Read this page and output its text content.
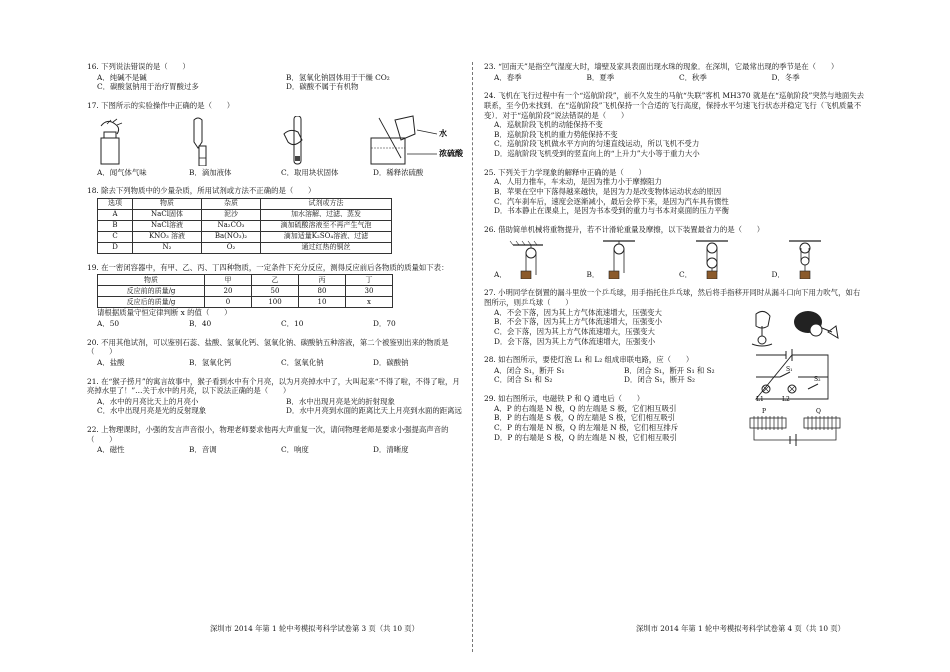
16. 下列说法错误的是（　　）

A．纯碱不是碱	B．氢氧化钠固体用于干燥 CO₂
C．碳酸氢钠用于治疗胃酸过多	D．碳酸不属于有机物

17. 下图所示的实验操作中正确的是（　　）

水
浓硫酸
A．闻气体气味	B．滴加液体	C．取用块状固体	D．稀释浓硫酸

18. 除去下列物质中的少量杂质，所用试剂或方法不正确的是（　　）

选项	物质	杂质	试剂或方法
A	NaCl固体	泥沙	加水溶解、过滤、蒸发
B	NaCl溶液	Na₂CO₃	滴加硫酸溶液至不再产生气泡
C	KNO₃ 溶液	Ba(NO₃)₂	滴加适量K₂SO₄溶液、过滤
D	N₂	O₂	通过红热的铜丝

19. 在一密闭容器中，有甲、乙、丙、丁四种物质，一定条件下充分反应，测得反应前后各物质的质量如下表：

物质	甲	乙	丙	丁
反应前的质量/g	20	50	80	30
反应后的质量/g	0	100	10	x

请根据质量守恒定律判断 x 的值（　　）

A．50	B．40	C．10	D．70

20. 不用其他试剂，可以鉴别石蕊、盐酸、氢氧化钙、氢氧化钠、碳酸钠五种溶液，第二个被鉴别出来的物质是（　　）

A．盐酸	B．氢氧化钙	C．氢氧化钠	D．碳酸钠

21. 在“猴子捞月”的寓言故事中，猴子看到水中有个月亮，以为月亮掉水中了，大叫起来“不得了啦，不得了啦，月亮掉水里了！”…关于水中的月亮，以下说法正确的是（　　）

A．水中的月亮比天上的月亮小	B．水中出现月亮是光的折射现象
C．水中出现月亮是光的反射现象	D．水中月亮到水面的距离比天上月亮到水面的距离远

22. 上物理课时，小强的发言声音很小，物理老师要求他再大声重复一次，请问物理老师是要求小强提高声音的（　　）

A．磁性	B．音调	C．响度	D．清晰度

23. “回南天”是指空气湿度大时，墙壁及家具表面出现水珠的现象．在深圳，它最常出现的季节是在（　　）

A．春季	B．夏季	C．秋季	D．冬季

24. 飞机在飞行过程中有一个“巡航阶段”，前不久发生的马航“失联”客机 MH370 就是在“巡航阶段”突然与地面失去联系，至今仍未找到．在“巡航阶段”飞机保持一个合适的飞行高度，保持水平匀速飞行状态并稳定飞行（飞机质量不变）．对于“巡航阶段”说法错误的是（　　）

A．巡航阶段飞机的动能保持不变
B．巡航阶段飞机的重力势能保持不变
C．巡航阶段飞机做水平方向的匀速直线运动，所以飞机不受力
D．巡航阶段飞机受到的竖直向上的“上升力”大小等于重力大小

25. 下列关于力学现象的解释中正确的是（　　）

A．人用力推车，车未动，是因为推力小于摩擦阻力
B．苹果在空中下落得越来越快，是因为力是改变物体运动状态的原因
C．汽车刹车后，速度会逐渐减小，最后会停下来，是因为汽车具有惯性
D．书本静止在课桌上，是因为书本受到的重力与书本对桌面的压力平衡

26. 借助简单机械将重物提升，若不计滑轮重量及摩擦，以下装置最省力的是（　　）

A．	B．	C．	D．

27. 小明同学在倒置的漏斗里放一个乒乓球，用手指托住乒乓球，然后将手指移开同时从漏斗口向下用力吹气，如右图所示，则乒乓球（　　）

A．不会下落，因为其上方气体流速增大，压强变大
B．不会下落，因为其上方气体流速增大，压强变小
C．会下落，因为其上方气体流速增大，压强变大
D．会下落，因为其上方气体流速增大，压强变小

28. 如右图所示，要使灯泡 L₁ 和 L₂ 组成串联电路，应（　　）

A．闭合 S₁，断开 S₁	B．闭合 S₁，断开 S₁ 和 S₂
C．闭合 S₁ 和 S₂	D．闭合 S₁，断开 S₂
S₁
L1	L2
S₂

29. 如右图所示，电磁铁 P 和 Q 通电后（　　）

A．P 的右端是 N 极，Q 的左端是 S 极，它们相互吸引
B．P 的右端是 S 极，Q 的左端是 S 极，它们相互吸引
C．P 的右端是 N 极，Q 的左端是 N 极，它们相互排斥
D．P 的右端是 S 极，Q 的左端是 N 极，它们相互吸引
P	Q
深圳市 2014 年第 1 轮中考模拟考科学试卷第 3 页（共 10 页）	深圳市 2014 年第 1 轮中考模拟考科学试卷第 4 页（共 10 页）
